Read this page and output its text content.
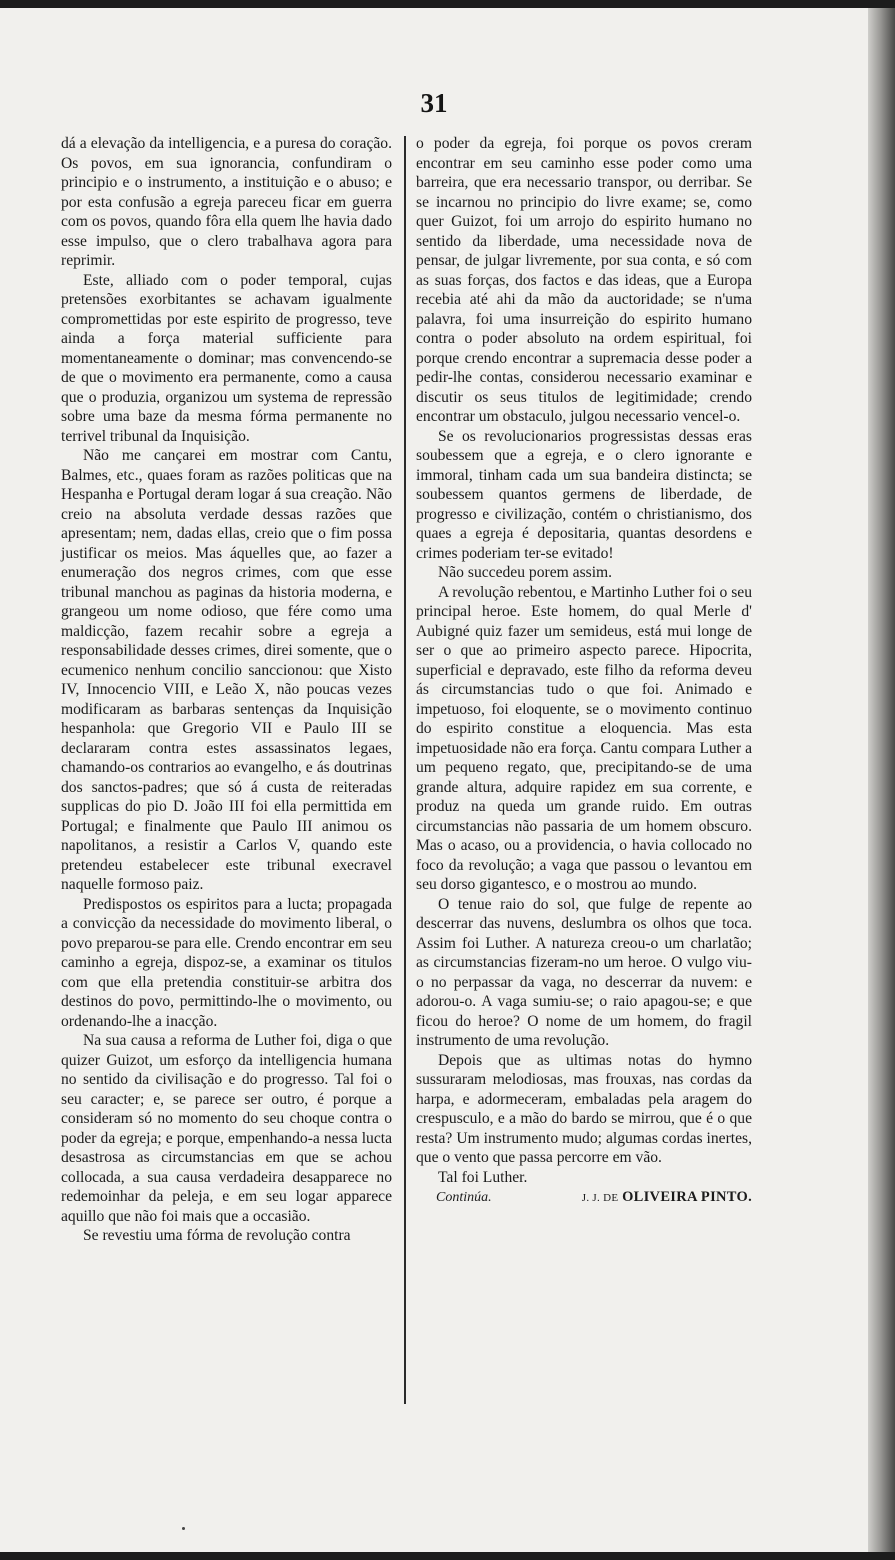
31

dá a elevação da intelligencia, e a puresa do coração. Os povos, em sua ignorancia, confundiram o principio e o instrumento, a instituição e o abuso; e por esta confusão a egreja pareceu ficar em guerra com os povos, quando fôra ella quem lhe havia dado esse impulso, que o clero trabalhava agora para reprimir.

Este, alliado com o poder temporal, cujas pretensões exorbitantes se achavam igualmente compromettidas por este espirito de progresso, teve ainda a força material sufficiente para momentaneamente o dominar; mas convencendo-se de que o movimento era permanente, como a causa que o produzia, organizou um systema de repressão sobre uma baze da mesma fórma permanente no terrivel tribunal da Inquisição.

Não me cançarei em mostrar com Cantu, Balmes, etc., quaes foram as razões politicas que na Hespanha e Portugal deram logar á sua creação. Não creio na absoluta verdade dessas razões que apresentam; nem, dadas ellas, creio que o fim possa justificar os meios. Mas áquelles que, ao fazer a enumeração dos negros crimes, com que esse tribunal manchou as paginas da historia moderna, e grangeou um nome odioso, que fére como uma maldicção, fazem recahir sobre a egreja a responsabilidade desses crimes, direi somente, que o ecumenico nenhum concilio sanccionou: que Xisto IV, Innocencio VIII, e Leão X, não poucas vezes modificaram as barbaras sentenças da Inquisição hespanhola: que Gregorio VII e Paulo III se declararam contra estes assassinatos legaes, chamando-os contrarios ao evangelho, e ás doutrinas dos sanctos-padres; que só á custa de reiteradas supplicas do pio D. João III foi ella permittida em Portugal; e finalmente que Paulo III animou os napolitanos, a resistir a Carlos V, quando este pretendeu estabelecer este tribunal execravel naquelle formoso paiz.

Predispostos os espiritos para a lucta; propagada a convicção da necessidade do movimento liberal, o povo preparou-se para elle. Crendo encontrar em seu caminho a egreja, dispoz-se, a examinar os titulos com que ella pretendia constituir-se arbitra dos destinos do povo, permittindo-lhe o movimento, ou ordenando-lhe a inacção.

Na sua causa a reforma de Luther foi, diga o que quizer Guizot, um esforço da intelligencia humana no sentido da civilisação e do progresso. Tal foi o seu caracter; e, se parece ser outro, é porque a consideram só no momento do seu choque contra o poder da egreja; e porque, empenhando-a nessa lucta desastrosa as circumstancias em que se achou collocada, a sua causa verdadeira desapparece no redemoinhar da peleja, e em seu logar apparece aquillo que não foi mais que a occasião.

Se revestiu uma fórma de revolução contra

o poder da egreja, foi porque os povos creram encontrar em seu caminho esse poder como uma barreira, que era necessario transpor, ou derribar. Se se incarnou no principio do livre exame; se, como quer Guizot, foi um arrojo do espirito humano no sentido da liberdade, uma necessidade nova de pensar, de julgar livremente, por sua conta, e só com as suas forças, dos factos e das ideas, que a Europa recebia até ahi da mão da auctoridade; se n'uma palavra, foi uma insurreição do espirito humano contra o poder absoluto na ordem espiritual, foi porque crendo encontrar a supremacia desse poder a pedir-lhe contas, considerou necessario examinar e discutir os seus titulos de legitimidade; crendo encontrar um obstaculo, julgou necessario vencel-o.

Se os revolucionarios progressistas dessas eras soubessem que a egreja, e o clero ignorante e immoral, tinham cada um sua bandeira distincta; se soubessem quantos germens de liberdade, de progresso e civilização, contém o christianismo, dos quaes a egreja é depositaria, quantas desordens e crimes poderiam ter-se evitado!

Não succedeu porem assim.

A revolução rebentou, e Martinho Luther foi o seu principal heroe. Este homem, do qual Merle d' Aubigné quiz fazer um semideus, está mui longe de ser o que ao primeiro aspecto parece. Hipocrita, superficial e depravado, este filho da reforma deveu ás circumstancias tudo o que foi. Animado e impetuoso, foi eloquente, se o movimento continuo do espirito constitue a eloquencia. Mas esta impetuosidade não era força. Cantu compara Luther a um pequeno regato, que, precipitando-se de uma grande altura, adquire rapidez em sua corrente, e produz na queda um grande ruido. Em outras circumstancias não passaria de um homem obscuro. Mas o acaso, ou a providencia, o havia collocado no foco da revolução; a vaga que passou o levantou em seu dorso gigantesco, e o mostrou ao mundo.

O tenue raio do sol, que fulge de repente ao descerrar das nuvens, deslumbra os olhos que toca. Assim foi Luther. A natureza creou-o um charlatão; as circumstancias fizeram-no um heroe. O vulgo viu-o no perpassar da vaga, no descerrar da nuvem: e adorou-o. A vaga sumiu-se; o raio apagou-se; e que ficou do heroe? O nome de um homem, do fragil instrumento de uma revolução.

Depois que as ultimas notas do hymno sussuraram melodiosas, mas frouxas, nas cordas da harpa, e adormeceram, embaladas pela aragem do crespusculo, e a mão do bardo se mirrou, que é o que resta? Um instrumento mudo; algumas cordas inertes, que o vento que passa percorre em vão.

Tal foi Luther.

Continúa.	J. J. DE OLIVEIRA PINTO.
